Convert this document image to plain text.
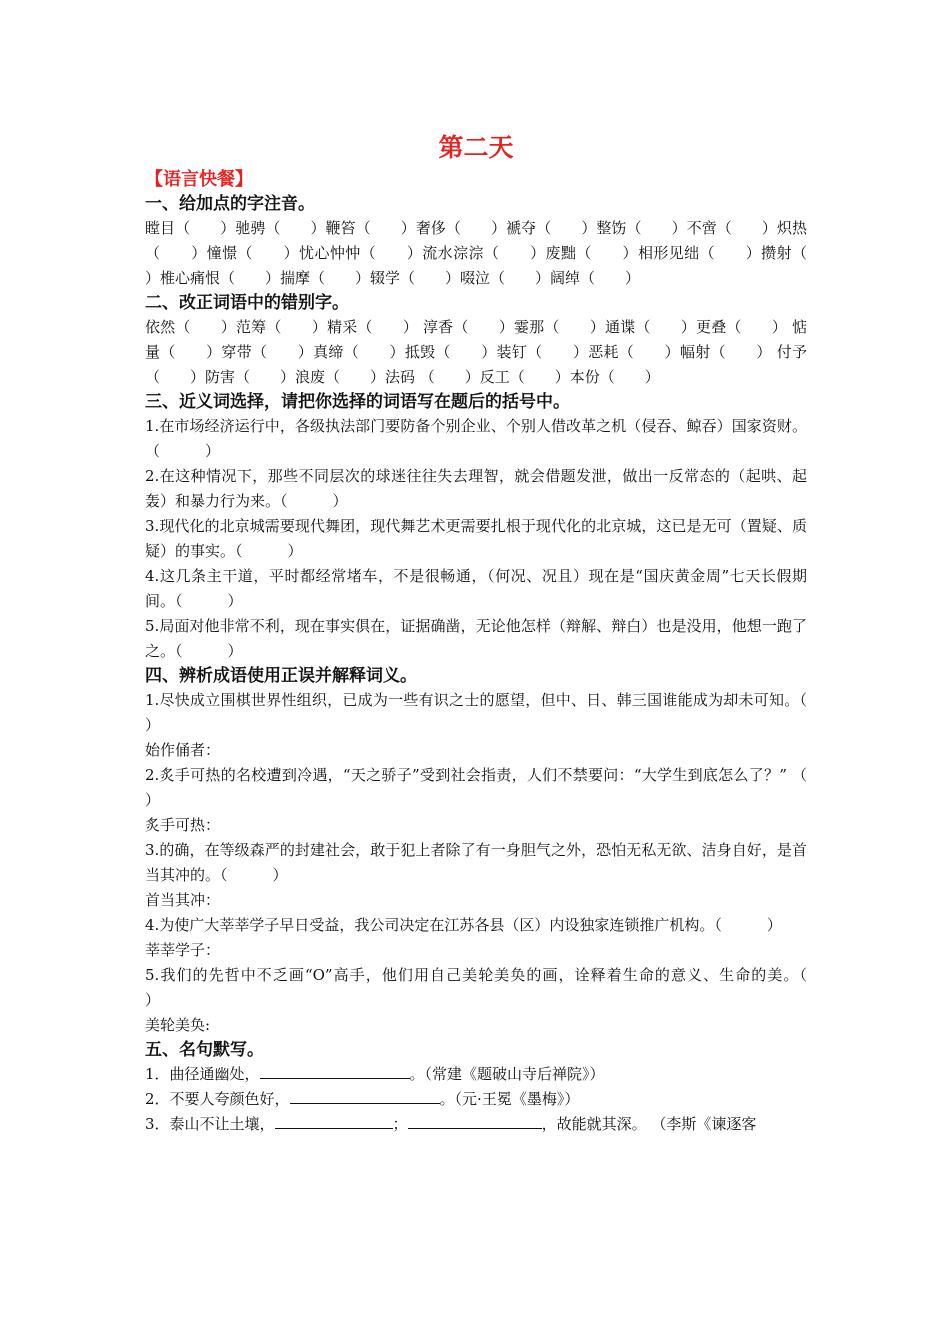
第二天
【语言快餐】
一、给加点的字注音。
瞠目（　　）驰骋（　　）鞭笞（　　）奢侈（　　）褫夺（　　）整饬（　　）不啻（　　）炽热（　　）憧憬（　　）忧心忡忡（　　）流水淙淙（　　）废黜（　　）相形见绌（　　）攒射（　　）椎心痛恨（　　）揣摩（　　）辍学（　　）啜泣（　　）阔绰（　　）
二、改正词语中的错别字。
依然（　　）范筹（　　）精采（　　） 淳香（　　）霎那（　　）通谍（　　）更叠（　　） 惦量（　　）穿带（　　）真缔（　　）抵毁（　　）装钉（　　）恶耗（　　）幅射（　　） 付予（　　）防害（　　）浪废（　　）法码 （　　）反工（　　）本份（　　）
三、近义词选择，请把你选择的词语写在题后的括号中。
1.在市场经济运行中，各级执法部门要防备个别企业、个别人借改革之机（侵吞、鲸吞）国家资财。（　　　）
2.在这种情况下，那些不同层次的球迷往往失去理智，就会借题发泄，做出一反常态的（起哄、起轰）和暴力行为来。（　　　）
3.现代化的北京城需要现代舞团，现代舞艺术更需要扎根于现代化的北京城，这已是无可（置疑、质疑）的事实。（　　　）
4.这几条主干道，平时都经常堵车，不是很畅通，（何况、况且）现在是“国庆黄金周”七天长假期间。（　　　）
5.局面对他非常不利，现在事实俱在，证据确凿，无论他怎样（辩解、辩白）也是没用，他想一跑了之。（　　　）
四、辨析成语使用正误并解释词义。
1.尽快成立围棋世界性组织，已成为一些有识之士的愿望，但中、日、韩三国谁能成为却未可知。（　　　）
始作俑者：
2.炙手可热的名校遭到冷遇，“天之骄子”受到社会指责，人们不禁要问：“大学生到底怎么了？” （　　　）
炙手可热：
3.的确，在等级森严的封建社会，敢于犯上者除了有一身胆气之外，恐怕无私无欲、洁身自好，是首当其冲的。（　　　）
首当其冲：
4.为使广大莘莘学子早日受益，我公司决定在江苏各县（区）内设独家连锁推广机构。（　　　）
莘莘学子：
5.我们的先哲中不乏画“O”高手，他们用自己美轮美奂的画，诠释着生命的意义、生命的美。（　　　）
美轮美奂:
五、名句默写。
1．曲径通幽处，	。（常建《题破山寺后禅院》）
2．不要人夸颜色好，	。（元·王冕《墨梅》）
3．泰山不让土壤，	；	，故能就其深。 （李斯《谏逐客
